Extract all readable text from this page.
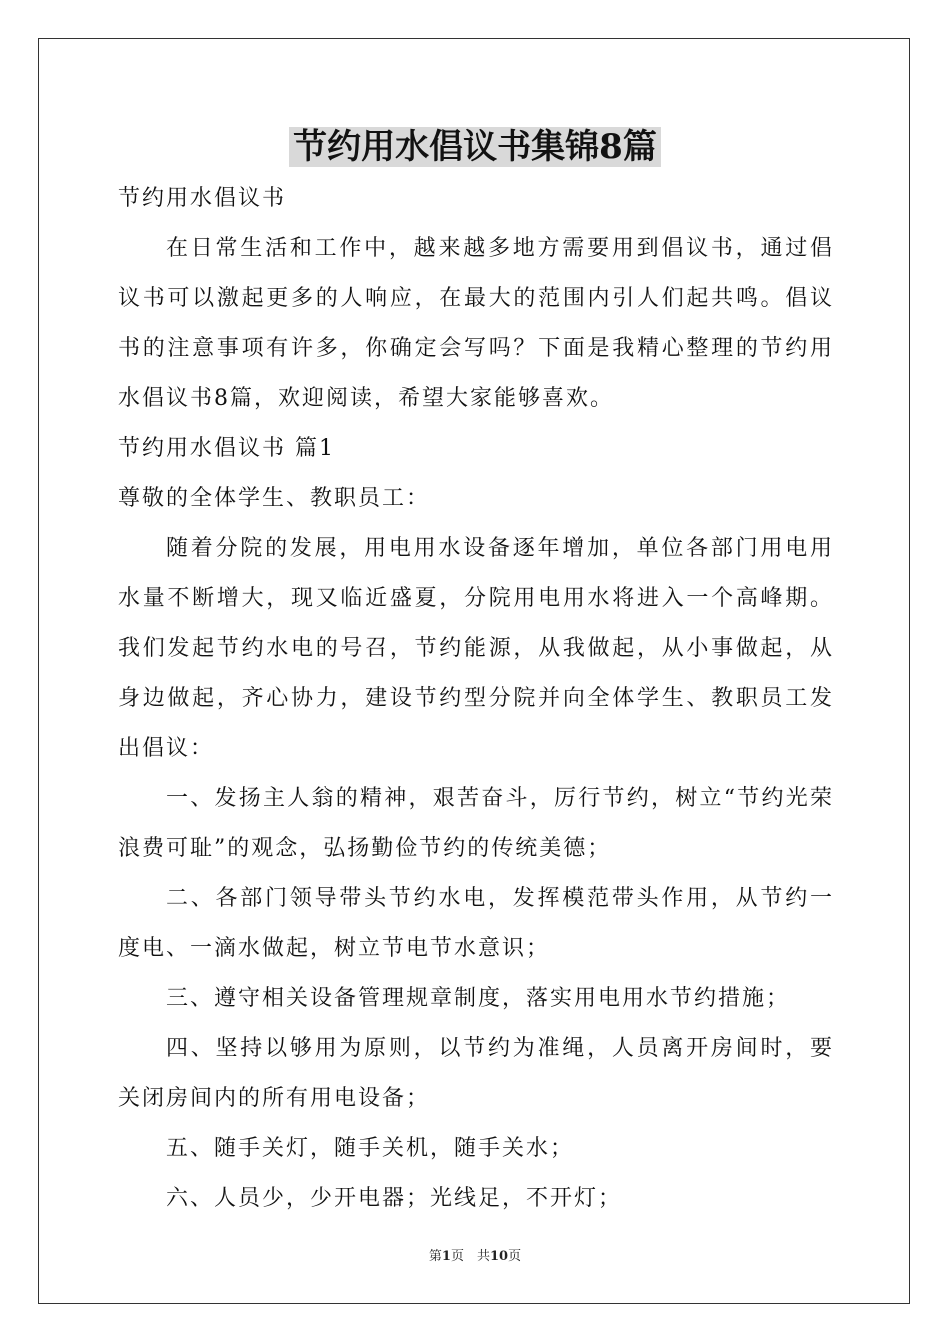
节约用水倡议书集锦8篇

节约用水倡议书

在日常生活和工作中，越来越多地方需要用到倡议书，通过倡议书可以激起更多的人响应，在最大的范围内引人们起共鸣。倡议书的注意事项有许多，你确定会写吗？下面是我精心整理的节约用水倡议书8篇，欢迎阅读，希望大家能够喜欢。

节约用水倡议书 篇1

尊敬的全体学生、教职员工：

随着分院的发展，用电用水设备逐年增加，单位各部门用电用水量不断增大，现又临近盛夏，分院用电用水将进入一个高峰期。我们发起节约水电的号召，节约能源，从我做起，从小事做起，从身边做起，齐心协力，建设节约型分院并向全体学生、教职员工发出倡议：

一、发扬主人翁的精神，艰苦奋斗，厉行节约，树立“节约光荣浪费可耻”的观念，弘扬勤俭节约的传统美德；

二、各部门领导带头节约水电，发挥模范带头作用，从节约一度电、一滴水做起，树立节电节水意识；

三、遵守相关设备管理规章制度，落实用电用水节约措施；

四、坚持以够用为原则，以节约为准绳，人员离开房间时，要关闭房间内的所有用电设备；

五、随手关灯，随手关机，随手关水；

六、人员少，少开电器；光线足，不开灯；

第1页　共10页
